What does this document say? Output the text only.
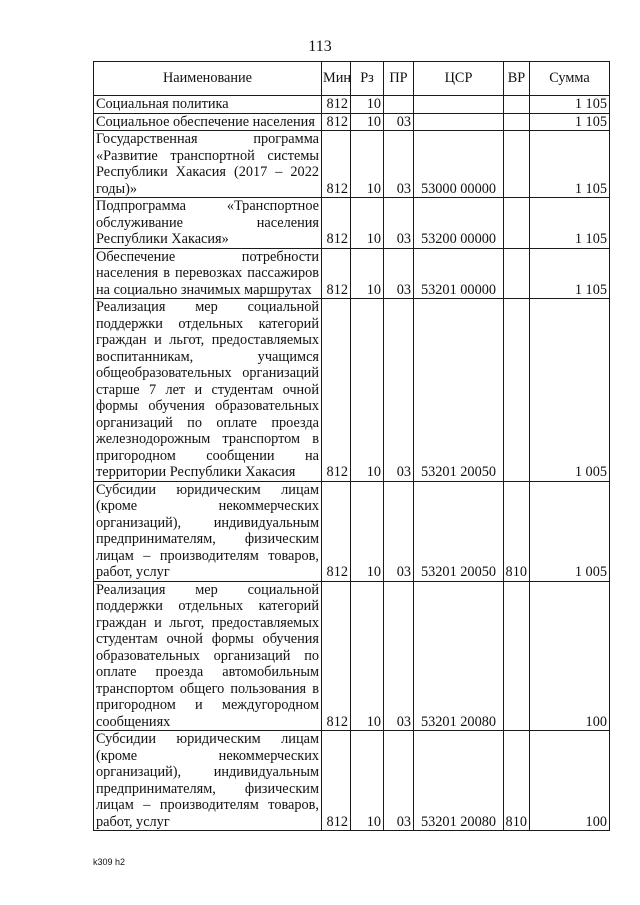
113
Наименование	Мин	Рз	ПР	ЦСР	ВР	Сумма
Социальная политика	812	10				1 105
Социальное обеспечение населения	812	10	03			1 105
Государственная программа «Развитие транспортной системы Республики Хакасия (2017 – 2022 годы)»	812	10	03	53000 00000		1 105
Подпрограмма «Транспортное обслуживание населения Республики Хакасия»	812	10	03	53200 00000		1 105
Обеспечение потребности населения в перевозках пассажиров на социально значимых маршрутах	812	10	03	53201 00000		1 105
Реализация мер социальной поддержки отдельных категорий граждан и льгот, предоставляемых воспитанникам, учащимся общеобразовательных организаций старше 7 лет и студентам очной формы обучения образовательных организаций по оплате проезда железнодорожным транспортом в пригородном сообщении на территории Республики Хакасия	812	10	03	53201 20050		1 005
Субсидии юридическим лицам (кроме некоммерческих организаций), индивидуальным предпринимателям, физическим лицам – производителям товаров, работ, услуг	812	10	03	53201 20050	810	1 005
Реализация мер социальной поддержки отдельных категорий граждан и льгот, предоставляемых студентам очной формы обучения образовательных организаций по оплате проезда автомобильным транспортом общего пользования в пригородном и междугородном сообщениях	812	10	03	53201 20080		100
Субсидии юридическим лицам (кроме некоммерческих организаций), индивидуальным предпринимателям, физическим лицам – производителям товаров, работ, услуг	812	10	03	53201 20080	810	100
k309 h2
